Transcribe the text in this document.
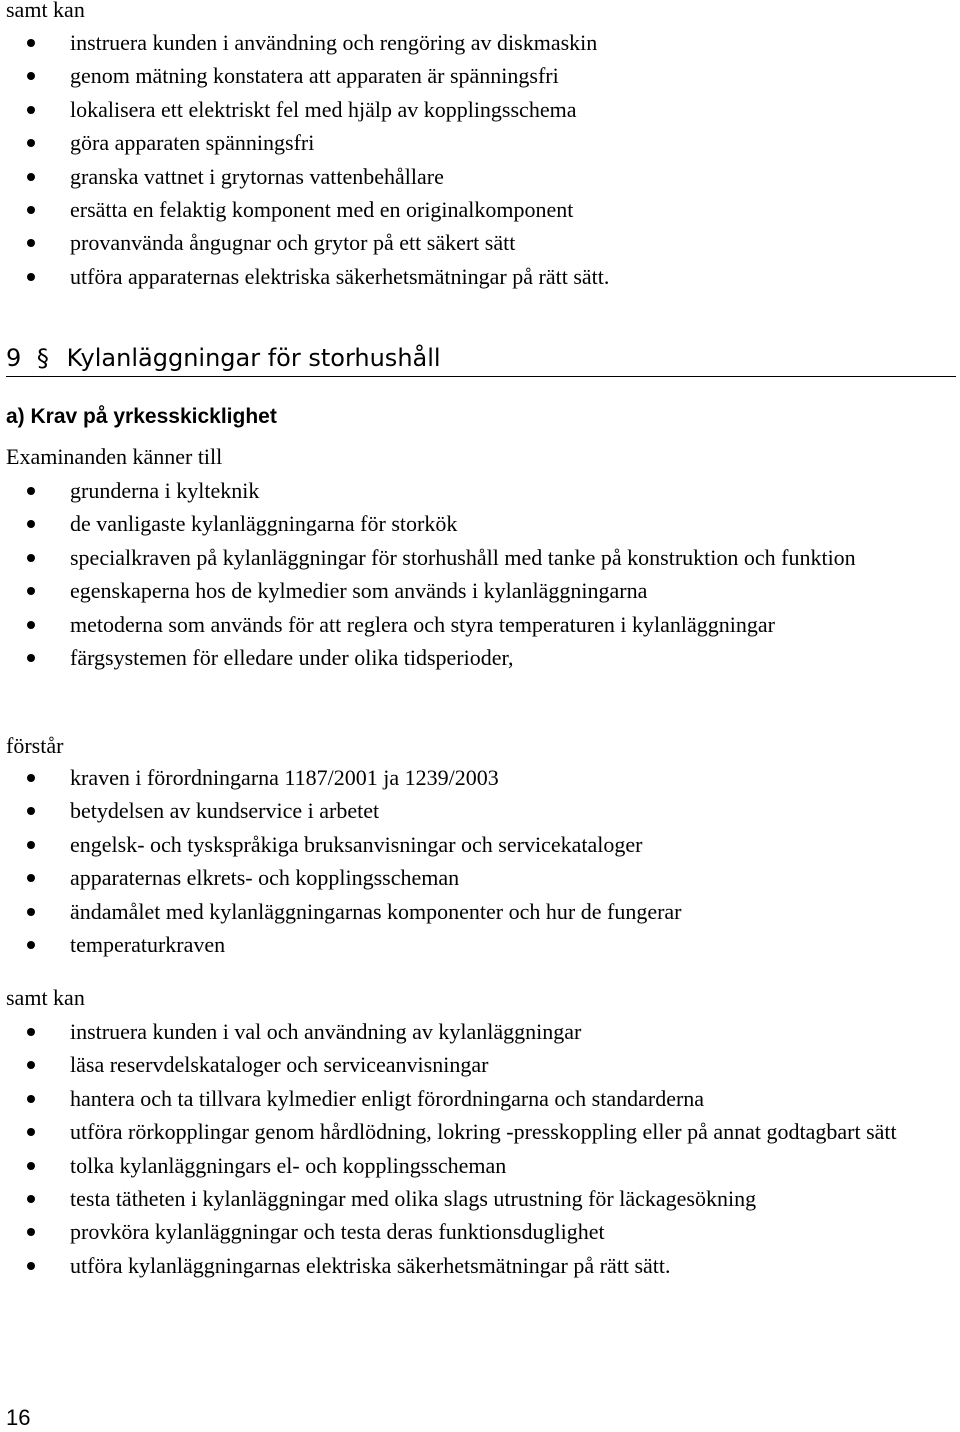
samt kan

instruera kunden i användning och rengöring av diskmaskin
genom mätning konstatera att apparaten är spänningsfri
lokalisera ett elektriskt fel med hjälp av kopplingsschema
göra apparaten spänningsfri
granska vattnet i grytornas vattenbehållare
ersätta en felaktig komponent med en originalkomponent
provanvända ångugnar och grytor på ett säkert sätt
utföra apparaternas elektriska säkerhetsmätningar på rätt sätt.
9 § Kylanläggningar för storhushåll

a) Krav på yrkesskicklighet

Examinanden känner till

grunderna i kylteknik
de vanligaste kylanläggningarna för storkök
specialkraven på kylanläggningar för storhushåll med tanke på konstruktion och funktion
egenskaperna hos de kylmedier som används i kylanläggningarna
metoderna som används för att reglera och styra temperaturen i kylanläggningar
färgsystemen för elledare under olika tidsperioder,

förstår

kraven i förordningarna 1187/2001 ja 1239/2003
betydelsen av kundservice i arbetet
engelsk- och tyskspråkiga bruksanvisningar och servicekataloger
apparaternas elkrets- och kopplingsscheman
ändamålet med kylanläggningarnas komponenter och hur de fungerar
temperaturkraven

samt kan

instruera kunden i val och användning av kylanläggningar
läsa reservdelskataloger och serviceanvisningar
hantera och ta tillvara kylmedier enligt förordningarna och standarderna
utföra rörkopplingar genom hårdlödning, lokring -presskoppling eller på annat godtagbart sätt
tolka kylanläggningars el- och kopplingsscheman
testa tätheten i kylanläggningar med olika slags utrustning för läckagesökning
provköra kylanläggningar och testa deras funktionsduglighet
utföra kylanläggningarnas elektriska säkerhetsmätningar på rätt sätt.
16
